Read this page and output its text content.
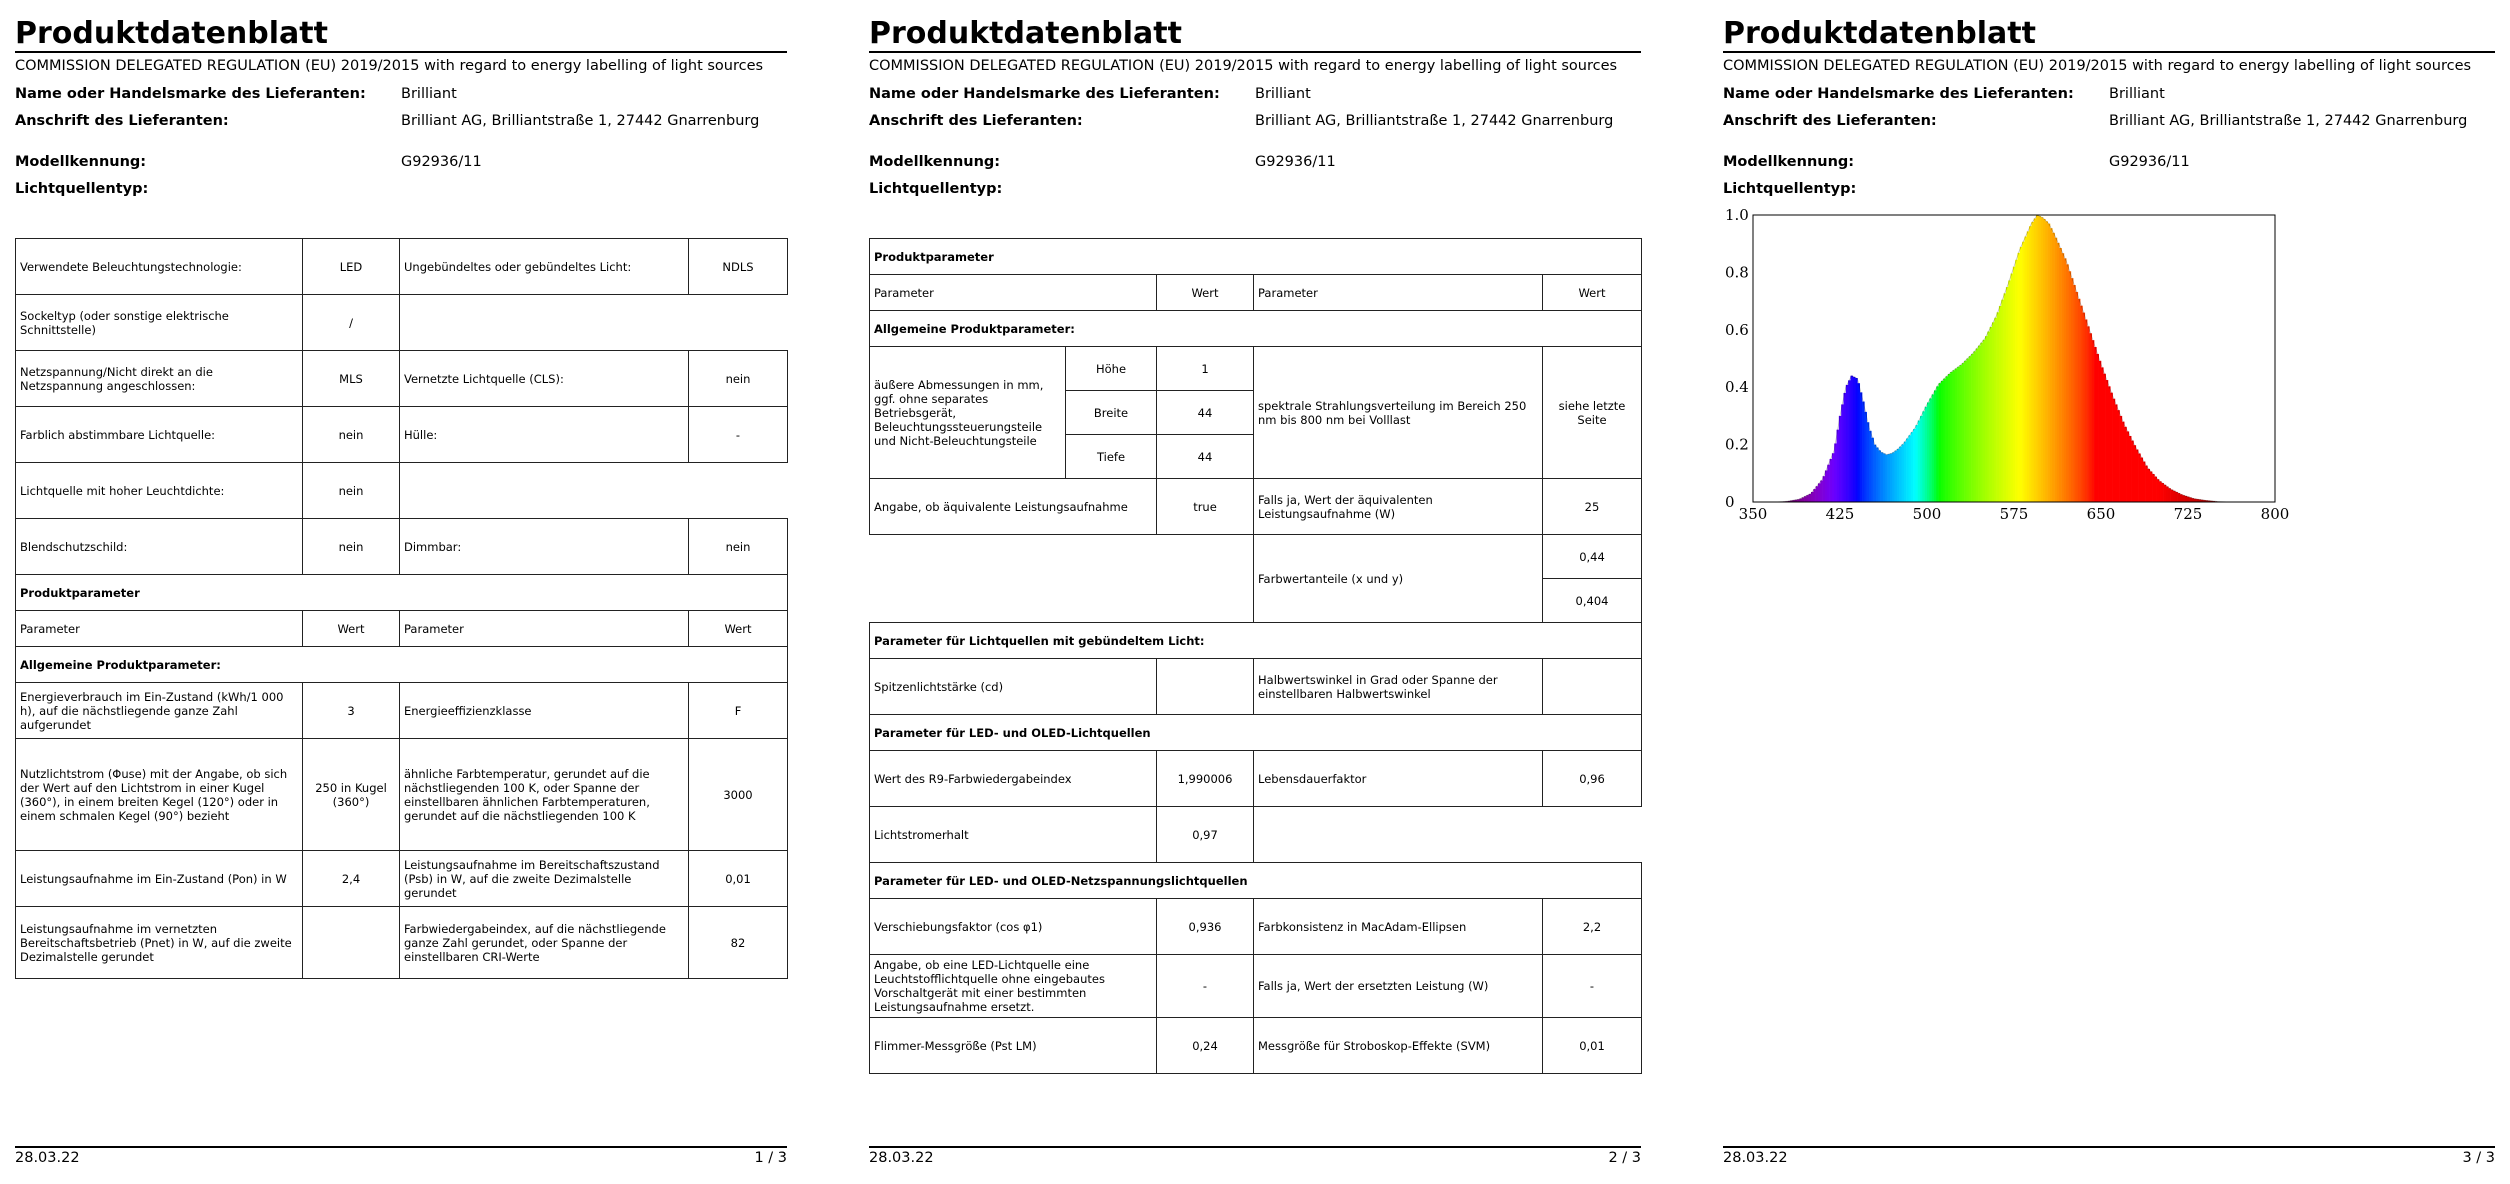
Produktdatenblatt
COMMISSION DELEGATED REGULATION (EU) 2019/2015 with regard to energy labelling of light sources
Name oder Handelsmarke des Lieferanten: Brilliant
Anschrift des Lieferanten:	Brilliant AG, Brilliantstraße 1, 27442 Gnarrenburg
Modellkennung:	G92936/11
Lichtquellentyp:
Verwendete Beleuchtungstechnologie:	LED	Ungebündeltes oder gebündeltes Licht:	NDLS
Sockeltyp (oder sonstige elektrische Schnittstelle)	/		
Netzspannung/Nicht direkt an die Netzspannung angeschlossen:	MLS	Vernetzte Lichtquelle (CLS):	nein
Farblich abstimmbare Lichtquelle:	nein	Hülle:	-
Lichtquelle mit hoher Leuchtdichte:	nein		
Blendschutzschild:	nein	Dimmbar:	nein
Produktparameter			
Parameter	Wert	Parameter	Wert
Allgemeine Produktparameter:			
Energieverbrauch im Ein-Zustand (kWh/1 000 h), auf die nächstliegende ganze Zahl aufgerundet	3	Energieeffizienzklasse	F
Nutzlichtstrom (Φuse) mit der Angabe, ob sich der Wert auf den Lichtstrom in einer Kugel (360°), in einem breiten Kegel (120°) oder in einem schmalen Kegel (90°) bezieht	250 in Kugel (360°)	ähnliche Farbtemperatur, gerundet auf die nächstliegenden 100 K, oder Spanne der einstellbaren ähnlichen Farbtemperaturen, gerundet auf die nächstliegenden 100 K	3000
Leistungsaufnahme im Ein-Zustand (Pon) in W	2,4	Leistungsaufnahme im Bereitschaftszustand (Psb) in W, auf die zweite Dezimalstelle gerundet	0,01
Leistungsaufnahme im vernetzten Bereitschaftsbetrieb (Pnet) in W, auf die zweite Dezimalstelle gerundet		Farbwiedergabeindex, auf die nächstliegende ganze Zahl gerundet, oder Spanne der einstellbaren CRI-Werte	82
28.03.22	1 / 3
Produktdatenblatt
COMMISSION DELEGATED REGULATION (EU) 2019/2015 with regard to energy labelling of light sources
Name oder Handelsmarke des Lieferanten: Brilliant
Anschrift des Lieferanten:	Brilliant AG, Brilliantstraße 1, 27442 Gnarrenburg
Modellkennung:	G92936/11
Lichtquellentyp:
Produktparameter				
Parameter		Wert	Parameter	Wert
Allgemeine Produktparameter:				
äußere Abmessungen in mm, ggf. ohne separates Betriebsgerät, Beleuchtungssteuerungsteile und Nicht-Beleuchtungsteile	Höhe	1	spektrale Strahlungsverteilung im Bereich 250 nm bis 800 nm bei Volllast	siehe letzte Seite
	Breite	44		
	Tiefe	44		
Angabe, ob äquivalente Leistungsaufnahme		true	Falls ja, Wert der äquivalenten Leistungsaufnahme (W)	25
			Farbwertanteile (x und y)	0,44
				0,404
Parameter für Lichtquellen mit gebündeltem Licht:				
Spitzenlichtstärke (cd)			Halbwertswinkel in Grad oder Spanne der einstellbaren Halbwertswinkel	
Parameter für LED- und OLED-Lichtquellen				
Wert des R9-Farbwiedergabeindex		1,990006	Lebensdauerfaktor	0,96
Lichtstromerhalt		0,97		
Parameter für LED- und OLED-Netzspannungslichtquellen				
Verschiebungsfaktor (cos φ1)		0,936	Farbkonsistenz in MacAdam-Ellipsen	2,2
Angabe, ob eine LED-Lichtquelle eine Leuchtstofflichtquelle ohne eingebautes Vorschaltgerät mit einer bestimmten Leistungsaufnahme ersetzt.		-	Falls ja, Wert der ersetzten Leistung (W)	-
Flimmer-Messgröße (Pst LM)		0,24	Messgröße für Stroboskop-Effekte (SVM)	0,01
28.03.22	2 / 3
Produktdatenblatt
COMMISSION DELEGATED REGULATION (EU) 2019/2015 with regard to energy labelling of light sources
Name oder Handelsmarke des Lieferanten: Brilliant
Anschrift des Lieferanten:	Brilliant AG, Brilliantstraße 1, 27442 Gnarrenburg
Modellkennung:	G92936/11
Lichtquellentyp:
350	425	500	575	650	725	800
0
0.2
0.4
0.6
0.8
1.0
28.03.22	3 / 3
